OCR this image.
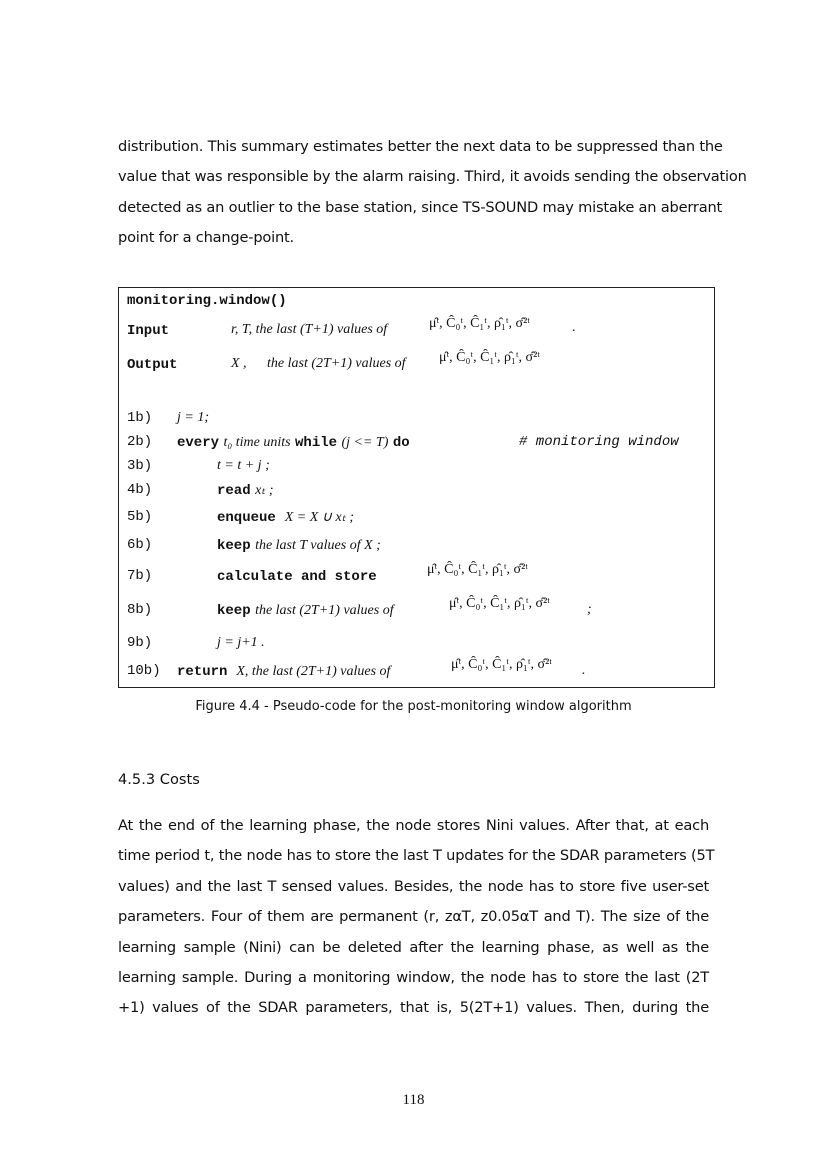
distribution. This summary estimates better the next data to be suppressed than the
value that was responsible by the alarm raising. Third, it avoids sending the observation
detected as an outlier to the base station, since TS-SOUND may mistake an aberrant
point for a change-point.
monitoring.window()
Input	r, T, the last (T+1) values of	μ̂ᵗ, Ĉ₀ᵗ, Ĉ₁ᵗ, ρ̂₁ᵗ, σ̂²ᵗ	.
Output	X , the last (2T+1) values of μ̂ᵗ, Ĉ₀ᵗ, Ĉ₁ᵗ, ρ̂₁ᵗ, σ̂²ᵗ
1b)	j = 1;
2b)	every t₀ time units while (j <= T) do	# monitoring window
3b)	t = t + j ;
4b)	read xₜ ;
5b)	enqueue X = X ∪ xₜ ;
6b)	keep the last T values of X ;
7b)	calculate and store	μ̂ᵗ, Ĉ₀ᵗ, Ĉ₁ᵗ, ρ̂₁ᵗ, σ̂²ᵗ
8b)	keep the last (2T+1) values of	μ̂ᵗ, Ĉ₀ᵗ, Ĉ₁ᵗ, ρ̂₁ᵗ, σ̂²ᵗ	;
9b)	j = j+1 .
10b)	return X, the last (2T+1) values of	μ̂ᵗ, Ĉ₀ᵗ, Ĉ₁ᵗ, ρ̂₁ᵗ, σ̂²ᵗ .
Figure 4.4 - Pseudo-code for the post-monitoring window algorithm
4.5.3 Costs
At the end of the learning phase, the node stores Nini values. After that, at each
time period t, the node has to store the last T updates for the SDAR parameters (5T
values) and the last T sensed values. Besides, the node has to store five user-set
parameters. Four of them are permanent (r, zαT, z0.05αT and T). The size of the
learning sample (Nini) can be deleted after the learning phase, as well as the
learning sample. During a monitoring window, the node has to store the last (2T
+1) values of the SDAR parameters, that is, 5(2T+1) values. Then, during the
118
